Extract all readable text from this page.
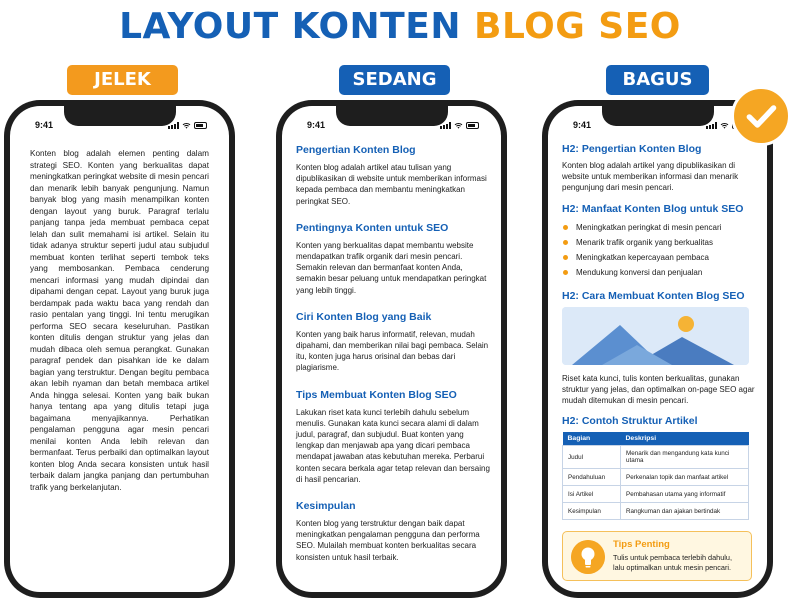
LAYOUT KONTEN BLOG SEO
JELEK	SEDANG	BAGUS
9:41

Konten blog adalah elemen penting dalam strategi SEO. Konten yang berkualitas dapat meningkatkan peringkat website di mesin pencari dan menarik lebih banyak pengunjung. Namun banyak blog yang masih menampilkan konten dengan layout yang buruk. Paragraf terlalu panjang tanpa jeda membuat pembaca cepat lelah dan sulit memahami isi artikel. Selain itu tidak adanya struktur seperti judul atau subjudul membuat konten terlihat seperti tembok teks yang membosankan. Pembaca cenderung mencari informasi yang mudah dipindai dan dipahami dengan cepat. Layout yang buruk juga berdampak pada waktu baca yang rendah dan rasio pentalan yang tinggi. Ini tentu merugikan performa SEO secara keseluruhan. Pastikan konten ditulis dengan struktur yang jelas dan mudah dibaca oleh semua perangkat. Gunakan paragraf pendek dan pisahkan ide ke dalam bagian yang terstruktur. Dengan begitu pembaca akan lebih nyaman dan betah membaca artikel Anda hingga selesai. Konten yang baik bukan hanya tentang apa yang ditulis tetapi juga bagaimana menyajikannya. Perhatikan pengalaman pengguna agar mesin pencari menilai konten Anda lebih relevan dan bermanfaat. Terus perbaiki dan optimalkan layout konten blog Anda secara konsisten untuk hasil terbaik dalam jangka panjang dan pertumbuhan trafik yang berkelanjutan.

9:41
Pengertian Konten Blog

Konten blog adalah artikel atau tulisan yang dipublikasikan di website untuk memberikan informasi kepada pembaca dan membantu meningkatkan peringkat SEO.

Pentingnya Konten untuk SEO

Konten yang berkualitas dapat membantu website mendapatkan trafik organik dari mesin pencari. Semakin relevan dan bermanfaat konten Anda, semakin besar peluang untuk mendapatkan peringkat yang lebih tinggi.

Ciri Konten Blog yang Baik

Konten yang baik harus informatif, relevan, mudah dipahami, dan memberikan nilai bagi pembaca. Selain itu, konten juga harus orisinal dan bebas dari plagiarisme.

Tips Membuat Konten Blog SEO

Lakukan riset kata kunci terlebih dahulu sebelum menulis. Gunakan kata kunci secara alami di dalam judul, paragraf, dan subjudul. Buat konten yang lengkap dan menjawab apa yang dicari pembaca mendapat jawaban atas kebutuhan mereka. Perbarui konten secara berkala agar tetap relevan dan bersaing di hasil pencarian.

Kesimpulan

Konten blog yang terstruktur dengan baik dapat meningkatkan pengalaman pengguna dan performa SEO. Mulailah membuat konten berkualitas secara konsisten untuk hasil terbaik.

9:41
H2: Pengertian Konten Blog

Konten blog adalah artikel yang dipublikasikan di website untuk memberikan informasi dan menarik pengunjung dari mesin pencari.

H2: Manfaat Konten Blog untuk SEO
Meningkatkan peringkat di mesin pencari
Menarik trafik organik yang berkualitas
Meningkatkan kepercayaan pembaca
Mendukung konversi dan penjualan
H2: Cara Membuat Konten Blog SEO

Riset kata kunci, tulis konten berkualitas, gunakan struktur yang jelas, dan optimalkan on-page SEO agar mudah ditemukan di mesin pencari.

H2: Contoh Struktur Artikel
Bagian	Deskripsi
Judul	Menarik dan mengandung kata kunci utama
Pendahuluan	Perkenalan topik dan manfaat artikel
Isi Artikel	Pembahasan utama yang informatif
Kesimpulan	Rangkuman dan ajakan bertindak
Tips Penting
Tulis untuk pembaca terlebih dahulu, lalu optimalkan untuk mesin pencari.
